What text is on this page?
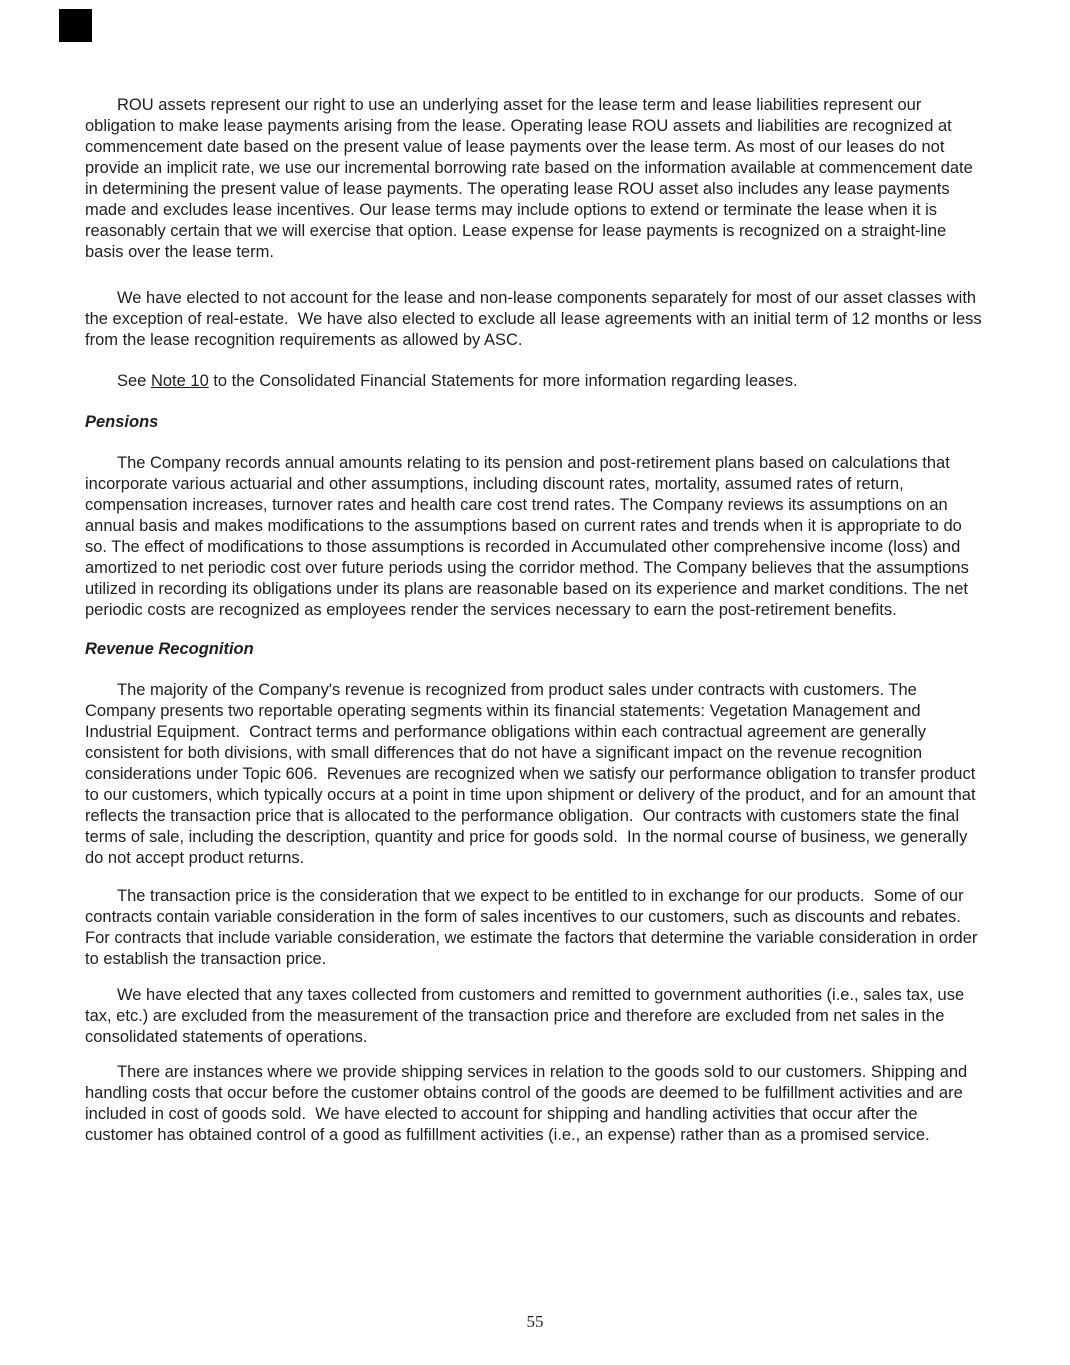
ROU assets represent our right to use an underlying asset for the lease term and lease liabilities represent our obligation to make lease payments arising from the lease. Operating lease ROU assets and liabilities are recognized at commencement date based on the present value of lease payments over the lease term. As most of our leases do not provide an implicit rate, we use our incremental borrowing rate based on the information available at commencement date in determining the present value of lease payments. The operating lease ROU asset also includes any lease payments made and excludes lease incentives. Our lease terms may include options to extend or terminate the lease when it is reasonably certain that we will exercise that option. Lease expense for lease payments is recognized on a straight-line basis over the lease term.

We have elected to not account for the lease and non-lease components separately for most of our asset classes with the exception of real-estate.  We have also elected to exclude all lease agreements with an initial term of 12 months or less from the lease recognition requirements as allowed by ASC.

See Note 10 to the Consolidated Financial Statements for more information regarding leases.

Pensions

The Company records annual amounts relating to its pension and post-retirement plans based on calculations that incorporate various actuarial and other assumptions, including discount rates, mortality, assumed rates of return, compensation increases, turnover rates and health care cost trend rates. The Company reviews its assumptions on an annual basis and makes modifications to the assumptions based on current rates and trends when it is appropriate to do so. The effect of modifications to those assumptions is recorded in Accumulated other comprehensive income (loss) and amortized to net periodic cost over future periods using the corridor method. The Company believes that the assumptions utilized in recording its obligations under its plans are reasonable based on its experience and market conditions. The net periodic costs are recognized as employees render the services necessary to earn the post-retirement benefits.

Revenue Recognition

The majority of the Company's revenue is recognized from product sales under contracts with customers. The Company presents two reportable operating segments within its financial statements: Vegetation Management and Industrial Equipment.  Contract terms and performance obligations within each contractual agreement are generally consistent for both divisions, with small differences that do not have a significant impact on the revenue recognition considerations under Topic 606.  Revenues are recognized when we satisfy our performance obligation to transfer product to our customers, which typically occurs at a point in time upon shipment or delivery of the product, and for an amount that reflects the transaction price that is allocated to the performance obligation.  Our contracts with customers state the final terms of sale, including the description, quantity and price for goods sold.  In the normal course of business, we generally do not accept product returns.

The transaction price is the consideration that we expect to be entitled to in exchange for our products.  Some of our contracts contain variable consideration in the form of sales incentives to our customers, such as discounts and rebates.  For contracts that include variable consideration, we estimate the factors that determine the variable consideration in order to establish the transaction price.

We have elected that any taxes collected from customers and remitted to government authorities (i.e., sales tax, use tax, etc.) are excluded from the measurement of the transaction price and therefore are excluded from net sales in the consolidated statements of operations.

There are instances where we provide shipping services in relation to the goods sold to our customers. Shipping and handling costs that occur before the customer obtains control of the goods are deemed to be fulfillment activities and are included in cost of goods sold.  We have elected to account for shipping and handling activities that occur after the customer has obtained control of a good as fulfillment activities (i.e., an expense) rather than as a promised service.

55
